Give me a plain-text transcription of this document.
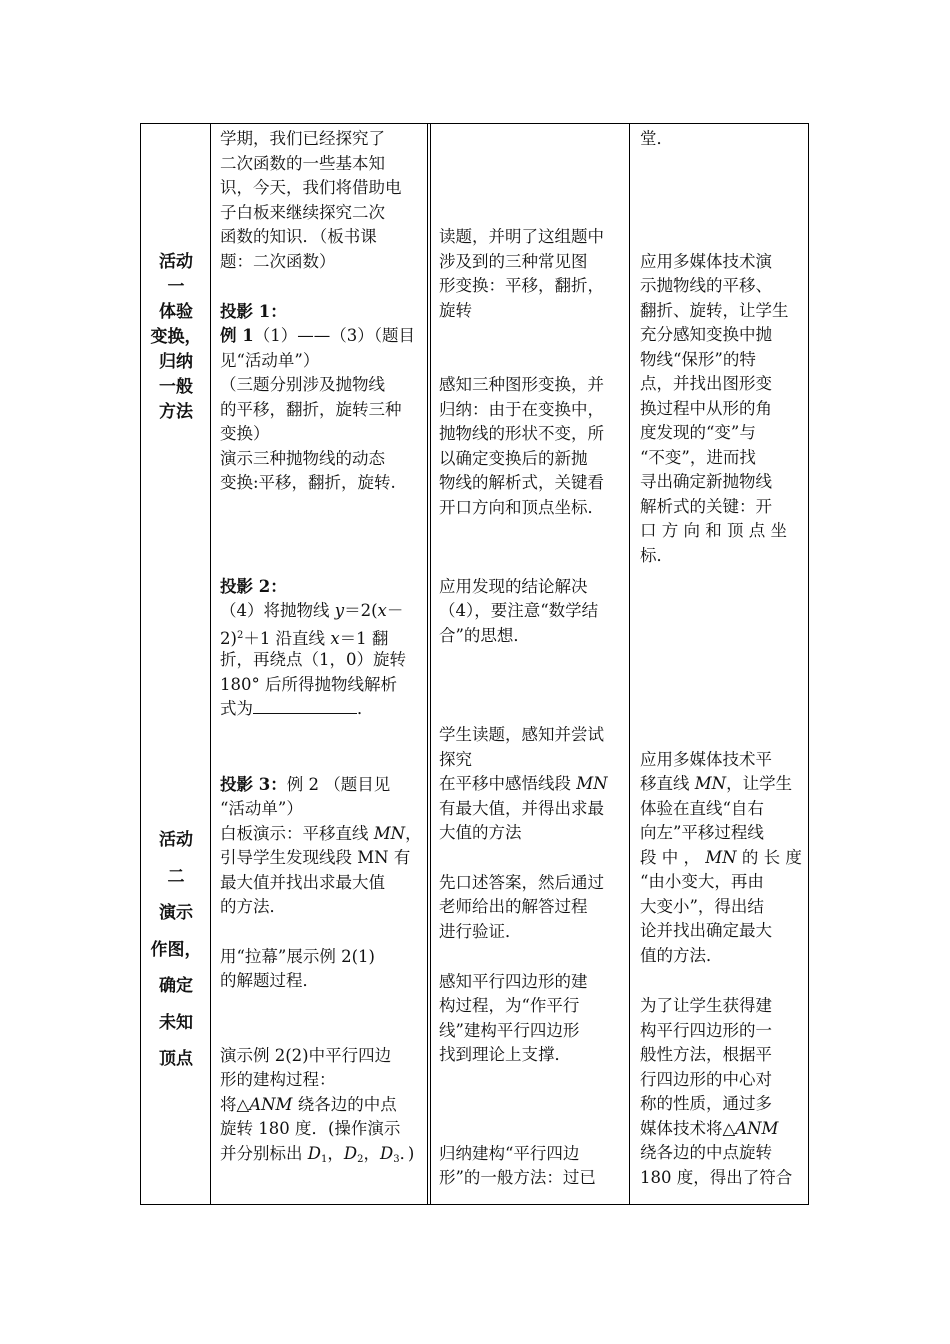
活动
一
体验
变换，
归纳
一般
方法
活动
二
演示
作图，
确定
未知
顶点
学期，我们已经探究了
二次函数的一些基本知
识，今天，我们将借助电
子白板来继续探究二次
函数的知识．（板书课
题：二次函数）
投影 1：
例 1（1）——（3）（题目
见“活动单”）
（三题分别涉及抛物线
的平移，翻折，旋转三种
变换）
演示三种抛物线的动态
变换:平移，翻折，旋转.
投影 2：
（4）将抛物线 y＝2(x－
2)$^2$＋1 沿直线 x＝1 翻
折，再绕点（1，0）旋转
180° 后所得抛物线解析
式为	．
投影 3：例 2 （题目见
“活动单”）
白板演示：平移直线 MN，
引导学生发现线段 MN 有
最大值并找出求最大值
的方法．
用“拉幕”展示例 2(1)
的解题过程．
演示例 2(2)中平行四边
形的建构过程：
将△ANM 绕各边的中点
旋转 180 度．(操作演示
并分别标出 $D_1$，$D_2$，$D_3$．)
读题，并明了这组题中
涉及到的三种常见图
形变换：平移，翻折，
旋转
感知三种图形变换，并
归纳：由于在变换中，
抛物线的形状不变，所
以确定变换后的新抛
物线的解析式，关键看
开口方向和顶点坐标．
应用发现的结论解决
（4），要注意“数学结
合”的思想．
学生读题，感知并尝试
探究
在平移中感悟线段 MN
有最大值，并得出求最
大值的方法
先口述答案，然后通过
老师给出的解答过程
进行验证．
感知平行四边形的建
构过程，为“作平行
线”建构平行四边形
找到理论上支撑．
归纳建构“平行四边
形”的一般方法：过已
堂．
应用多媒体技术演
示抛物线的平移、
翻折、旋转，让学生
充分感知变换中抛
物线“保形”的特
点，并找出图形变
换过程中从形的角
度发现的“变”与
“不变”，进而找
寻出确定新抛物线
解析式的关键：开
口 方 向 和 顶 点 坐
标．
应用多媒体技术平
移直线 MN，让学生
体验在直线“自右
向左”平移过程线
段 中 ， MN 的 长 度
“由小变大，再由
大变小”，得出结
论并找出确定最大
值的方法．
为了让学生获得建
构平行四边形的一
般性方法，根据平
行四边形的中心对
称的性质，通过多
媒体技术将△ANM
绕各边的中点旋转
180 度，得出了符合
